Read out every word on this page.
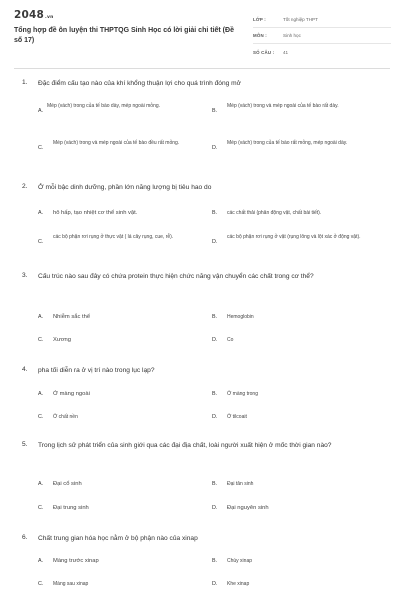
2048.vn
Tổng hợp đề ôn luyện thi THPTQG Sinh Học có lời giải chi tiết (Đề số 17)
LỚP :	Tốt nghiệp THPT
MÔN :	Sinh học
SỐ CÂU :	41
1.	Đặc điểm cấu tạo nào của khí khổng thuận lợi cho quá trình đóng mở
A.
Mép (vách) trong của tế bào dày, mép ngoài mỏng.
B.
Mép (vách) trong và mép ngoài của tế bào rất dày.
C.
Mép (vách) trong và mép ngoài của tế bào đều rất mỏng.
D.
Mép (vách) trong của tế bào rất mỏng, mép ngoài dày.
2.	Ở mỗi bậc dinh dưỡng, phần lớn năng lượng bị tiêu hao do
A. hô hấp, tạo nhiệt cơ thể sinh vật.	B. các chất thải (phân động vật, chất bài tiết).
C.
các bộ phận rơi rụng ở thực vật ( lá cây rụng, cue, rễ).
D.
các bộ phận rơi rụng ở vật (rụng lông và lột xác ở động vật).
3.	Cấu trúc nào sau đây có chứa protein thực hiện chức năng vận chuyển các chất trong cơ thể?
A. Nhiễm sắc thể	B. Hemoglobin
C. Xương	D. Co
4.	pha tối diễn ra ở vị trí nào trong lục lạp?
A. Ở màng ngoài	B. Ở màng trong
C. Ở chất nền	D. Ở tilcoait
5.	Trong lịch sử phát triển của sinh giới qua các đại địa chất, loài người xuất hiện ở mốc thời gian nào?
A. Đại cổ sinh	B. Đại tân sinh
C. Đại trung sinh	D. Đại nguyên sinh
6.	Chất trung gian hóa học nằm ở bộ phận nào của xinap
A. Màng trước xinap	B. Chùy xinap
C. Màng sau xinap	D. Khe xinap
